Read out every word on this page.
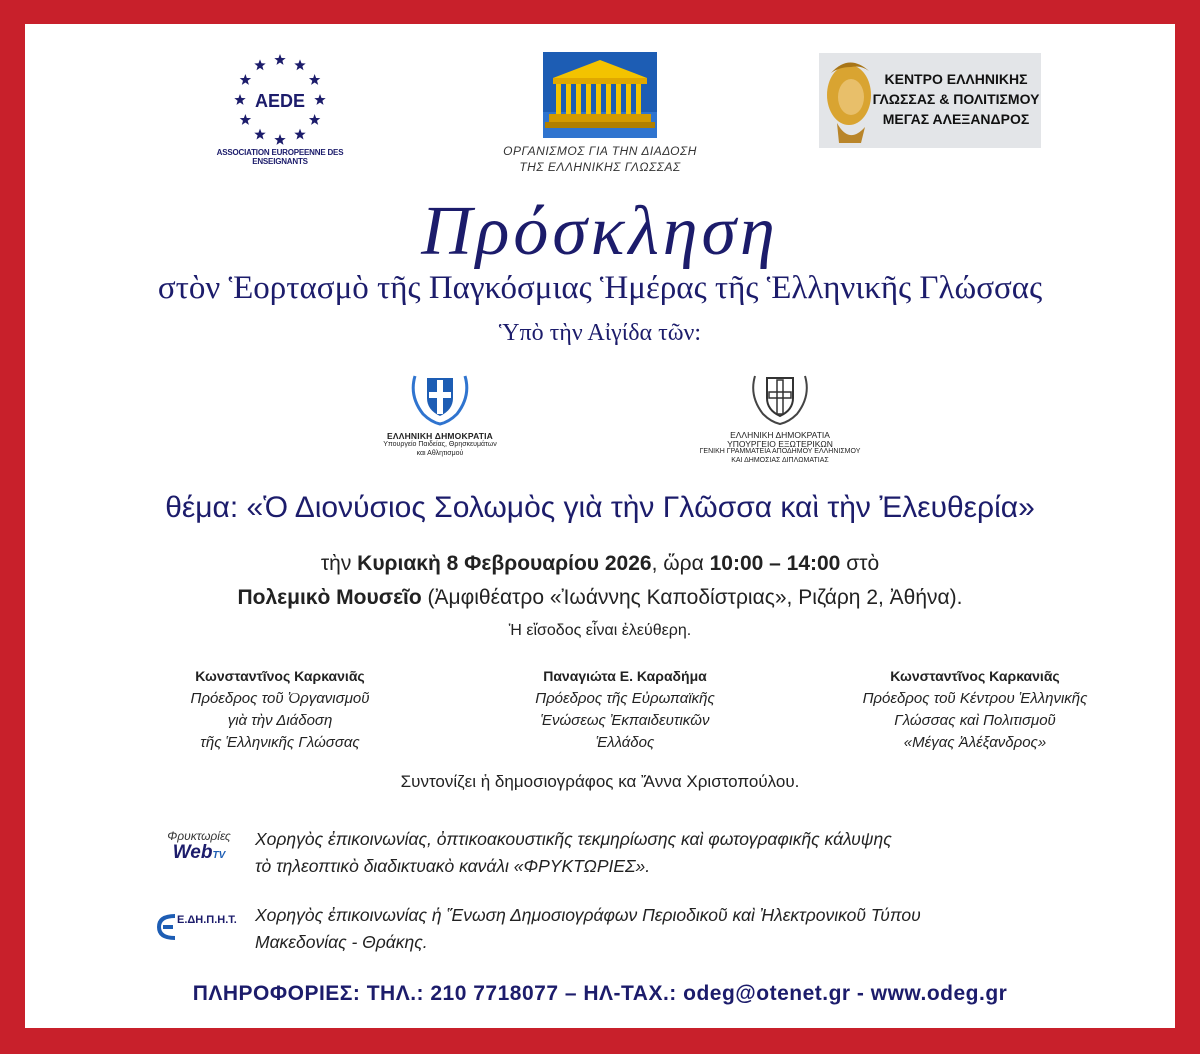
AEDE
ASSOCIATION EUROPEENNE DES ENSEIGNANTS
ΟΡΓΑΝΙΣΜΟΣ ΓΙΑ ΤΗΝ ΔΙΑΔΟΣΗ
ΤΗΣ ΕΛΛΗΝΙΚΗΣ ΓΛΩΣΣΑΣ
ΚΕΝΤΡΟ ΕΛΛΗΝΙΚΗΣ
ΓΛΩΣΣΑΣ & ΠΟΛΙΤΙΣΜΟΥ
ΜΕΓΑΣ ΑΛΕΞΑΝΔΡΟΣ
Πρόσκληση
στὸν Ἑορτασμὸ τῆς Παγκόσμιας Ἡμέρας τῆς Ἑλληνικῆς Γλώσσας
Ὑπὸ τὴν Αἰγίδα τῶν:
ΕΛΛΗΝΙΚΗ ΔΗΜΟΚΡΑΤΙΑ
Υπουργείο Παιδείας, Θρησκευμάτων
και Αθλητισμού
ΕΛΛΗΝΙΚΗ ΔΗΜΟΚΡΑΤΙΑ
ΥΠΟΥΡΓΕΙΟ ΕΞΩΤΕΡΙΚΩΝ
ΓΕΝΙΚΗ ΓΡΑΜΜΑΤΕΙΑ ΑΠΟΔΗΜΟΥ ΕΛΛΗΝΙΣΜΟΥ
ΚΑΙ ΔΗΜΟΣΙΑΣ ΔΙΠΛΩΜΑΤΙΑΣ
θέμα: «Ὁ Διονύσιος Σολωμὸς γιὰ τὴν Γλῶσσα καὶ τὴν Ἐλευθερία»
τὴν Κυριακὴ 8 Φεβρουαρίου 2026, ὥρα 10:00 – 14:00 στὸ
Πολεμικὸ Μουσεῖο (Ἀμφιθέατρο «Ἰωάννης Καποδίστριας», Ριζάρη 2, Ἀθήνα).
Ἡ εἴσοδος εἶναι ἐλεύθερη.
Κωνσταντῖνος Καρκανιᾶς
Πρόεδρος τοῦ Ὀργανισμοῦ
γιὰ τὴν Διάδοση
τῆς Ἑλληνικῆς Γλώσσας
Παναγιώτα Ε. Καραδήμα
Πρόεδρος τῆς Εὐρωπαϊκῆς
Ἑνώσεως Ἐκπαιδευτικῶν
Ἑλλάδος
Κωνσταντῖνος Καρκανιᾶς
Πρόεδρος τοῦ Κέντρου Ἑλληνικῆς
Γλώσσας καὶ Πολιτισμοῦ
«Μέγας Ἀλέξανδρος»
Συντονίζει ἡ δημοσιογράφος κα Ἄννα Χριστοπούλου.
Φρυκτωρίες
WebTV
Χορηγὸς ἐπικοινωνίας, ὀπτικοακουστικῆς τεκμηρίωσης καὶ φωτογραφικῆς κάλυψης
τὸ τηλεοπτικὸ διαδικτυακὸ κανάλι «ΦΡΥΚΤΩΡΙΕΣ».
Ε.ΔΗ.Π.Η.Τ. Χορηγὸς ἐπικοινωνίας ἡ Ἕνωση Δημοσιογράφων Περιοδικοῦ καὶ Ἠλεκτρονικοῦ Τύπου
Μακεδονίας - Θράκης.
ΠΛΗΡΟΦΟΡΙΕΣ: ΤΗΛ.: 210 7718077 – ΗΛ-ΤΑΧ.: odeg@otenet.gr - www.odeg.gr
